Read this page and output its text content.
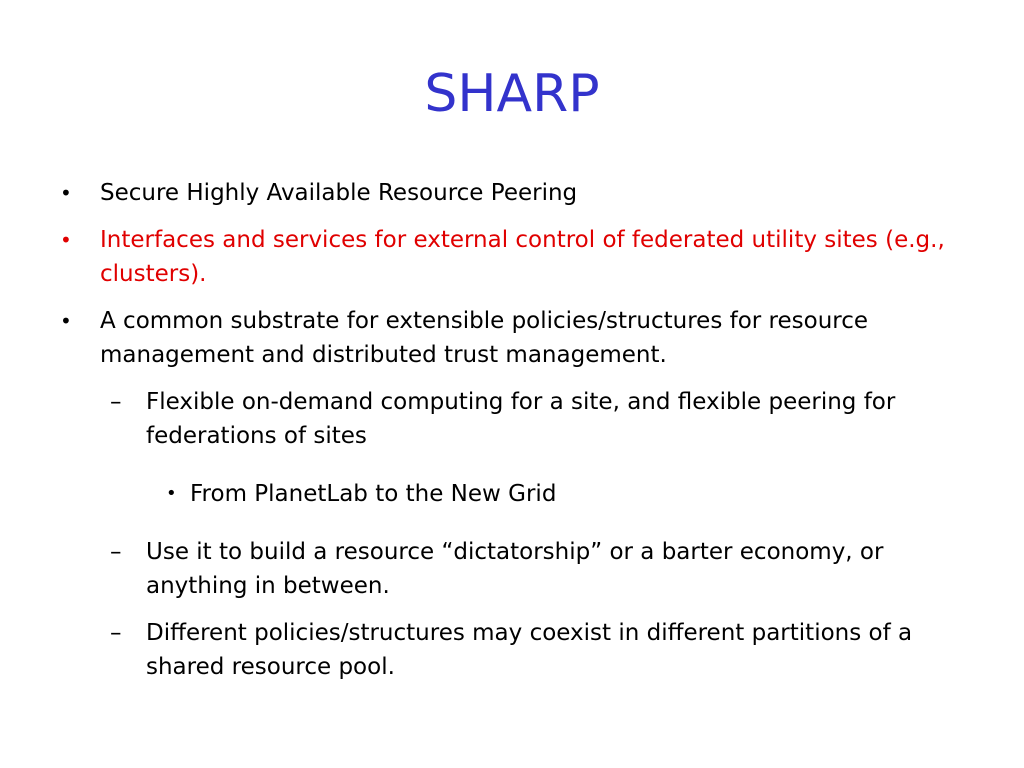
SHARP
• Secure Highly Available Resource Peering
• Interfaces and services for external control of federated utility sites (e.g., clusters).
• A common substrate for extensible policies/structures for resource management and distributed trust management.
– Flexible on-demand computing for a site, and flexible peering for federations of sites
• From PlanetLab to the New Grid
– Use it to build a resource “dictatorship” or a barter economy, or anything in between.
– Different policies/structures may coexist in different partitions of a shared resource pool.
